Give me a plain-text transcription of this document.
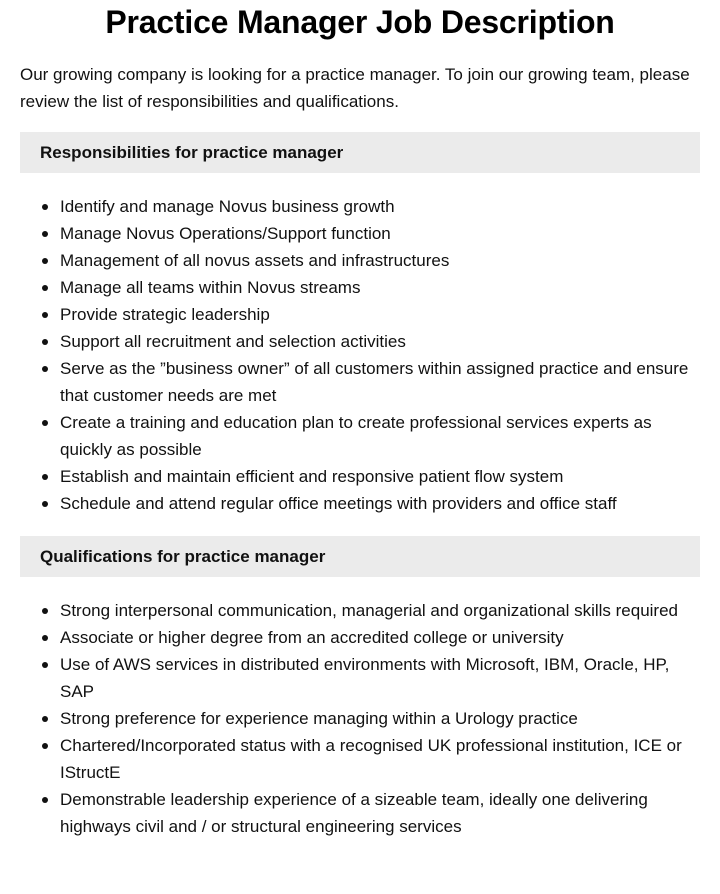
Practice Manager Job Description

Our growing company is looking for a practice manager. To join our growing team, please review the list of responsibilities and qualifications.

Responsibilities for practice manager
Identify and manage Novus business growth
Manage Novus Operations/Support function
Management of all novus assets and infrastructures
Manage all teams within Novus streams
Provide strategic leadership
Support all recruitment and selection activities
Serve as the ”business owner” of all customers within assigned practice and ensure that customer needs are met
Create a training and education plan to create professional services experts as quickly as possible
Establish and maintain efficient and responsive patient flow system
Schedule and attend regular office meetings with providers and office staff
Qualifications for practice manager
Strong interpersonal communication, managerial and organizational skills required
Associate or higher degree from an accredited college or university
Use of AWS services in distributed environments with Microsoft, IBM, Oracle, HP, SAP
Strong preference for experience managing within a Urology practice
Chartered/Incorporated status with a recognised UK professional institution, ICE or IStructE
Demonstrable leadership experience of a sizeable team, ideally one delivering highways civil and / or structural engineering services
